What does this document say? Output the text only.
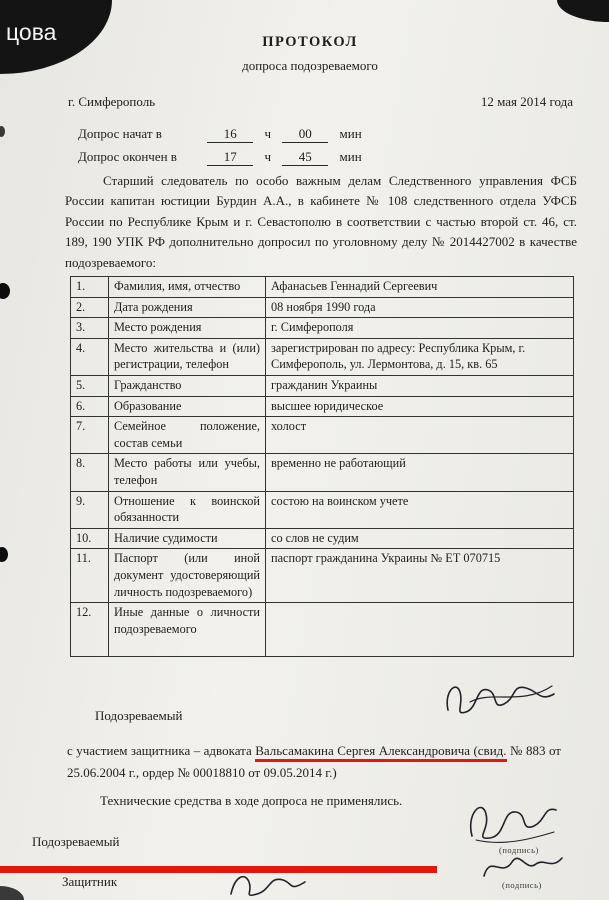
ПРОТОКОЛ
допроса подозреваемого
г. Симферополь	12 мая 2014 года
Допрос начат в	16 ч 00 мин
Допрос окончен в	17 ч 45 мин

Старший следователь по особо важным делам Следственного управления ФСБ России капитан юстиции Бурдин А.А., в кабинете № 108 следственного отдела УФСБ России по Республике Крым и г. Севастополю в соответствии с частью второй ст. 46, ст. 189, 190 УПК РФ дополнительно допросил по уголовному делу № 2014427002 в качестве подозреваемого:

1.	Фамилия, имя, отчество	Афанасьев Геннадий Сергеевич
2.	Дата рождения	08 ноября 1990 года
3.	Место рождения	г. Симферополя
4.	Место жительства и (или) регистрации, телефон	зарегистрирован по адресу: Республика Крым, г. Симферополь, ул. Лермонтова, д. 15, кв. 65
5.	Гражданство	гражданин Украины
6.	Образование	высшее юридическое
7.	Семейное положение, состав семьи	холост
8.	Место работы или учебы, телефон	временно не работающий
9.	Отношение к воинской обязанности	состою на воинском учете
10.	Наличие судимости	со слов не судим
11.	Паспорт (или иной документ удостоверяющий личность подозреваемого)	паспорт гражданина Украины № ЕТ 070715
12.	Иные данные о личности подозреваемого	
Подозреваемый

с участием защитника – адвоката Вальсамакина Сергея Александровича (свид. № 883 от 25.06.2004 г., ордер № 00018810 от 09.05.2014 г.)

Технические средства в ходе допроса не применялись.

Подозреваемый
(подпись)
Защитник	(подпись)
цова
